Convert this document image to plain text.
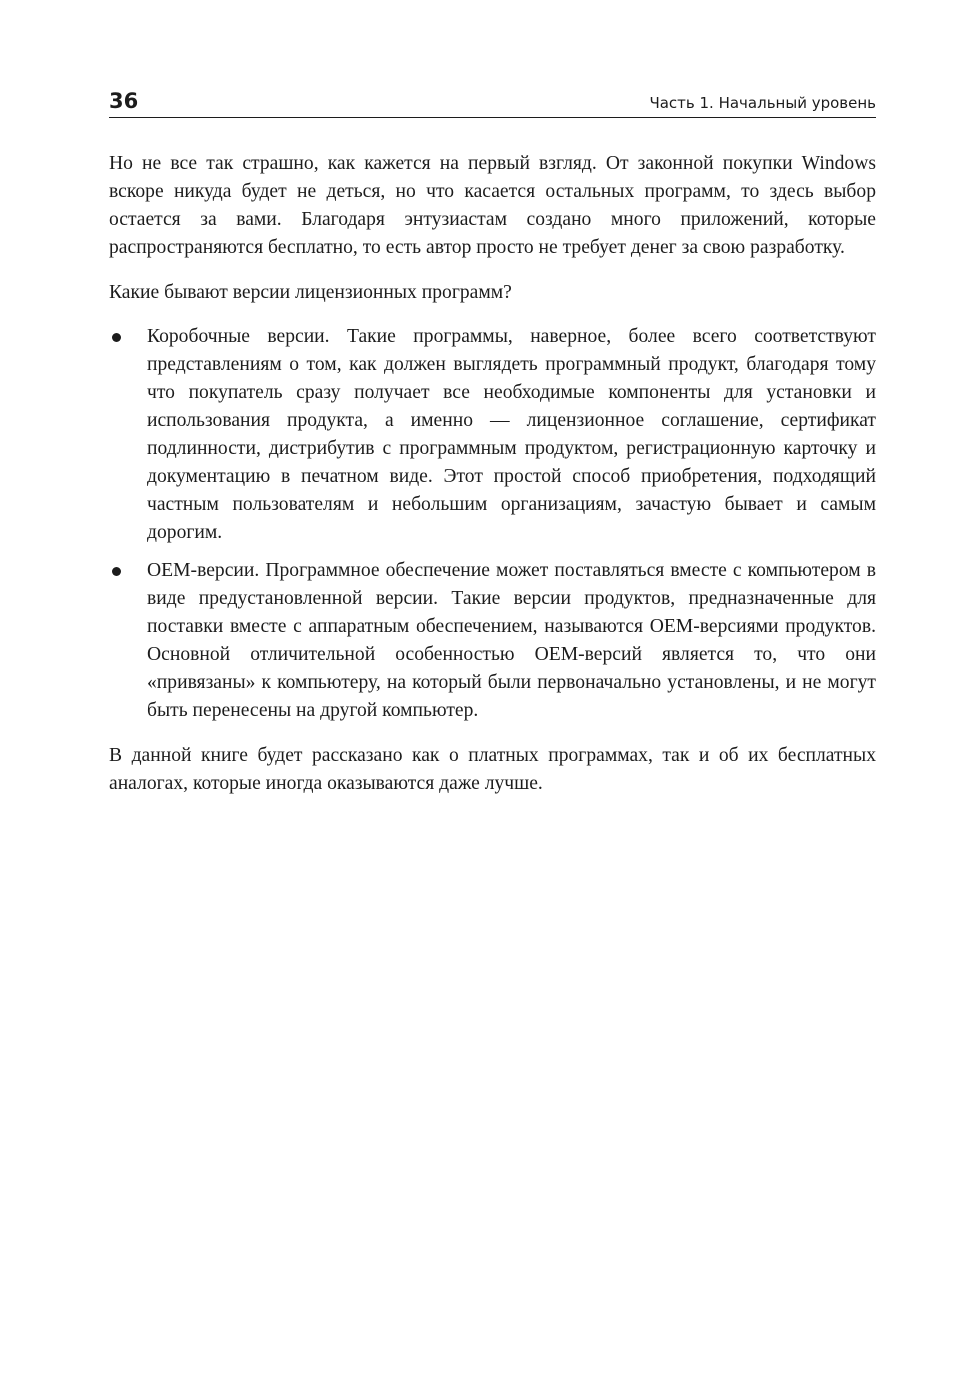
36	Часть 1. Начальный уровень

Но не все так страшно, как кажется на первый взгляд. От законной покупки Windows вскоре никуда будет не деться, но что касается остальных программ, то здесь выбор остается за вами. Благодаря энтузиастам создано много приложений, которые распространяются бесплатно, то есть автор просто не требует денег за свою разработку.

Какие бывают версии лицензионных программ?

Коробочные версии. Такие программы, наверное, более всего соответствуют представлениям о том, как должен выглядеть программный продукт, благодаря тому что покупатель сразу получает все необходимые компоненты для установки и использования продукта, а именно — лицензионное соглашение, сертификат подлинности, дистрибутив с программным продуктом, регистрационную карточку и документацию в печатном виде. Этот простой способ приобретения, подходящий частным пользователям и небольшим организациям, зачастую бывает и самым дорогим.

OEM-версии. Программное обеспечение может поставляться вместе с компьютером в виде предустановленной версии. Такие версии продуктов, предназначенные для поставки вместе с аппаратным обеспечением, называются OEM-версиями продуктов. Основной отличительной особенностью OEM-версий является то, что они «привязаны» к компьютеру, на который были первоначально установлены, и не могут быть перенесены на другой компьютер.

В данной книге будет рассказано как о платных программах, так и об их бесплатных аналогах, которые иногда оказываются даже лучше.
